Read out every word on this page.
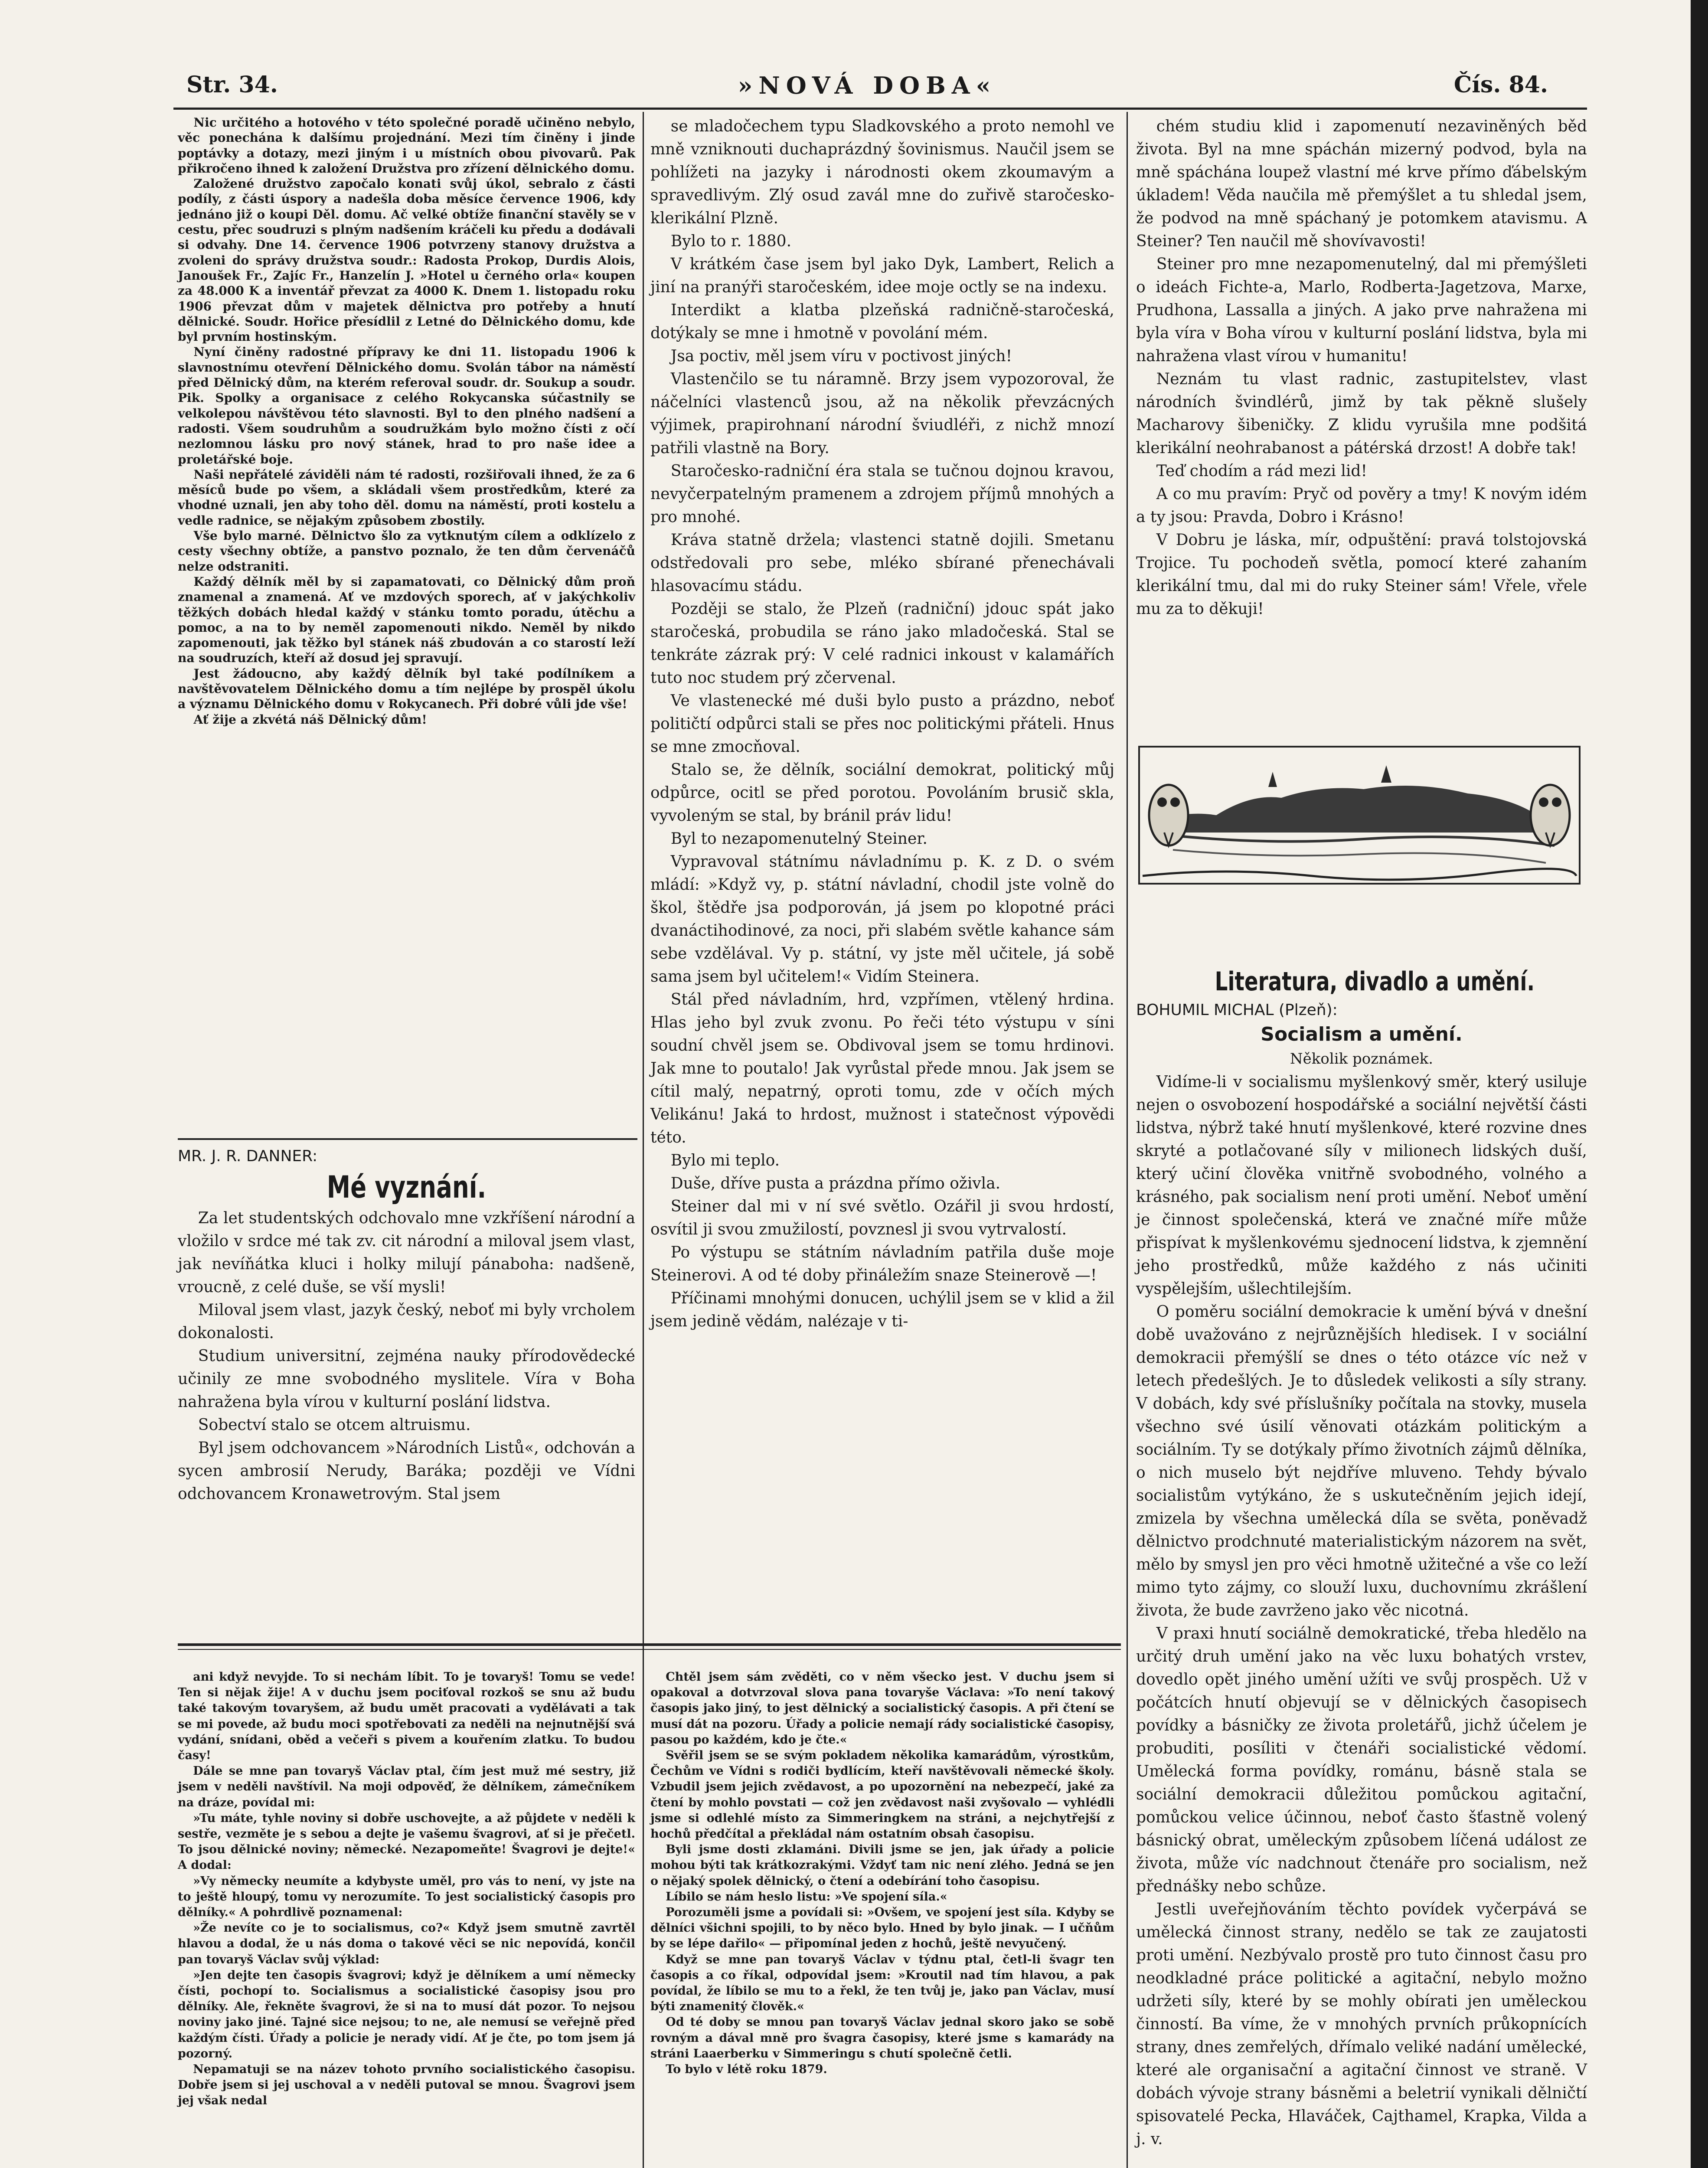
Str. 34.	»NOVÁ DOBA«	Čís. 84.

Nic určitého a hotového v této společné poradě učiněno nebylo, věc ponechána k dalšímu projednání. Mezi tím činěny i jinde poptávky a dotazy, mezi jiným i u místních obou pivovarů. Pak přikročeno ihned k založení Družstva pro zřízení dělnického domu.

Založené družstvo započalo konati svůj úkol, sebralo z části podíly, z části úspory a nadešla doba měsíce července 1906, kdy jednáno již o koupi Děl. domu. Ač velké obtíže finanční stavěly se v cestu, přec soudruzi s plným nadšením kráčeli ku předu a dodávali si odvahy. Dne 14. července 1906 potvrzeny stanovy družstva a zvoleni do správy družstva soudr.: Radosta Prokop, Durdis Alois, Janoušek Fr., Zajíc Fr., Hanzelín J. »Hotel u černého orla« koupen za 48.000 K a inventář převzat za 4000 K. Dnem 1. listopadu roku 1906 převzat dům v majetek dělnictva pro potřeby a hnutí dělnické. Soudr. Hořice přesídlil z Letné do Dělnického domu, kde byl prvním hostinským.

Nyní činěny radostné přípravy ke dni 11. listopadu 1906 k slavnostnímu otevření Dělnického domu. Svolán tábor na náměstí před Dělnický dům, na kterém referoval soudr. dr. Soukup a soudr. Pik. Spolky a organisace z celého Rokycanska súčastnily se velkolepou návštěvou této slavnosti. Byl to den plného nadšení a radosti. Všem soudruhům a soudružkám bylo možno čísti z očí nezlomnou lásku pro nový stánek, hrad to pro naše idee a proletářské boje.

Naši nepřátelé záviděli nám té radosti, rozšiřovali ihned, že za 6 měsíců bude po všem, a skládali všem prostředkům, které za vhodné uznali, jen aby toho děl. domu na náměstí, proti kostelu a vedle radnice, se nějakým způsobem zbostily.

Vše bylo marné. Dělnictvo šlo za vytknutým cílem a odklízelo z cesty všechny obtíže, a panstvo poznalo, že ten dům červenáčů nelze odstraniti.

Každý dělník měl by si zapamatovati, co Dělnický dům proň znamenal a znamená. Ať ve mzdových sporech, ať v jakýchkoliv těžkých dobách hledal každý v stánku tomto poradu, útěchu a pomoc, a na to by neměl zapomenouti nikdo. Neměl by nikdo zapomenouti, jak těžko byl stánek náš zbudován a co starostí leží na soudruzích, kteří až dosud jej spravují.

Jest žádoucno, aby každý dělník byl také podílníkem a navštěvovatelem Dělnického domu a tím nejlépe by prospěl úkolu a významu Dělnického domu v Rokycanech. Při dobré vůli jde vše!

Ať žije a zkvétá náš Dělnický dům!

MR. J. R. DANNER:

Mé vyznání.

Za let studentských odchovalo mne vzkříšení národní a vložilo v srdce mé tak zv. cit národní a miloval jsem vlast, jak nevíňátka kluci i holky milují pánaboha: nadšeně, vroucně, z celé duše, se vší mysli!

Miloval jsem vlast, jazyk český, neboť mi byly vrcholem dokonalosti.

Studium universitní, zejména nauky přírodovědecké učinily ze mne svobodného myslitele. Víra v Boha nahražena byla vírou v kulturní poslání lidstva.

Sobectví stalo se otcem altruismu.

Byl jsem odchovancem »Národních Listů«, odchován a sycen ambrosií Nerudy, Baráka; později ve Vídni odchovancem Kronawetrovým. Stal jsem

se mladočechem typu Sladkovského a proto nemohl ve mně vzniknouti duchaprázdný šovinismus. Naučil jsem se pohlížeti na jazyky i národnosti okem zkoumavým a spravedlivým. Zlý osud zavál mne do zuřivě staročesko-klerikální Plzně.

Bylo to r. 1880.

V krátkém čase jsem byl jako Dyk, Lambert, Relich a jiní na pranýři staročeském, idee moje octly se na indexu.

Interdikt a klatba plzeňská radničně-staročeská, dotýkaly se mne i hmotně v povolání mém.

Jsa poctiv, měl jsem víru v poctivost jiných!

Vlastenčilo se tu náramně. Brzy jsem vypozoroval, že náčelníci vlastenců jsou, až na několik převzácných výjimek, prapirohnaní národní šviudléři, z nichž mnozí patřili vlastně na Bory.

Staročesko-radniční éra stala se tučnou dojnou kravou, nevyčerpatelným pramenem a zdrojem příjmů mnohých a pro mnohé.

Kráva statně držela; vlastenci statně dojili. Smetanu odstředovali pro sebe, mléko sbírané přenechávali hlasovacímu stádu.

Později se stalo, že Plzeň (radniční) jdouc spát jako staročeská, probudila se ráno jako mladočeská. Stal se tenkráte zázrak prý: V celé radnici inkoust v kalamářích tuto noc studem prý zčervenal.

Ve vlastenecké mé duši bylo pusto a prázdno, neboť političtí odpůrci stali se přes noc politickými přáteli. Hnus se mne zmocňoval.

Stalo se, že dělník, sociální demokrat, politický můj odpůrce, ocitl se před porotou. Povoláním brusič skla, vyvoleným se stal, by bránil práv lidu!

Byl to nezapomenutelný Steiner.

Vypravoval státnímu návladnímu p. K. z D. o svém mládí: »Když vy, p. státní návladní, chodil jste volně do škol, štědře jsa podporován, já jsem po klopotné práci dvanáctihodinové, za noci, při slabém světle kahance sám sebe vzdělával. Vy p. státní, vy jste měl učitele, já sobě sama jsem byl učitelem!« Vidím Steinera.

Stál před návladním, hrd, vzpřímen, vtělený hrdina. Hlas jeho byl zvuk zvonu. Po řeči této výstupu v síni soudní chvěl jsem se. Obdivoval jsem se tomu hrdinovi. Jak mne to poutalo! Jak vyrůstal přede mnou. Jak jsem se cítil malý, nepatrný, oproti tomu, zde v očích mých Velikánu! Jaká to hrdost, mužnost i statečnost výpovědi této.

Bylo mi teplo.

Duše, dříve pusta a prázdna přímo oživla.

Steiner dal mi v ní své světlo. Ozářil ji svou hrdostí, osvítil ji svou zmužilostí, povznesl ji svou vytrvalostí.

Po výstupu se státním návladním patřila duše moje Steinerovi. A od té doby přináležím snaze Steinerově —!

Příčinami mnohými donucen, uchýlil jsem se v klid a žil jsem jedině vědám, nalézaje v ti-

chém studiu klid i zapomenutí nezaviněných běd života. Byl na mne spáchán mizerný podvod, byla na mně spáchána loupež vlastní mé krve přímo ďábelským úkladem! Věda naučila mě přemýšlet a tu shledal jsem, že podvod na mně spáchaný je potomkem atavismu. A Steiner? Ten naučil mě shovívavosti!

Steiner pro mne nezapomenutelný, dal mi přemýšleti o ideách Fichte-a, Marlo, Rodberta-Jagetzova, Marxe, Prudhona, Lassalla a jiných. A jako prve nahražena mi byla víra v Boha vírou v kulturní poslání lidstva, byla mi nahražena vlast vírou v humanitu!

Neznám tu vlast radnic, zastupitelstev, vlast národních švindlérů, jimž by tak pěkně slušely Macharovy šibeničky. Z klidu vyrušila mne podšitá klerikální neohrabanost a pátérská drzost! A dobře tak!

Teď chodím a rád mezi lid!

A co mu pravím: Pryč od pověry a tmy! K novým idém a ty jsou: Pravda, Dobro i Krásno!

V Dobru je láska, mír, odpuštění: pravá tolstojovská Trojice. Tu pochodeň světla, pomocí které zahaním klerikální tmu, dal mi do ruky Steiner sám! Vřele, vřele mu za to děkuji!

Literatura, divadlo a umění.

BOHUMIL MICHAL (Plzeň):

Socialism a umění.

Několik poznámek.

Vidíme-li v socialismu myšlenkový směr, který usiluje nejen o osvobození hospodářské a sociální největší části lidstva, nýbrž také hnutí myšlenkové, které rozvine dnes skryté a potlačované síly v milionech lidských duší, který učiní člověka vnitřně svobodného, volného a krásného, pak socialism není proti umění. Neboť umění je činnost společenská, která ve značné míře může přispívat k myšlenkovému sjednocení lidstva, k zjemnění jeho prostředků, může každého z nás učiniti vyspělejším, ušlechtilejším.

O poměru sociální demokracie k umění bývá v dnešní době uvažováno z nejrůznějších hledisek. I v sociální demokracii přemýšlí se dnes o této otázce víc než v letech předešlých. Je to důsledek velikosti a síly strany. V dobách, kdy své příslušníky počítala na stovky, musela všechno své úsilí věnovati otázkám politickým a sociálním. Ty se dotýkaly přímo životních zájmů dělníka, o nich muselo být nejdříve mluveno. Tehdy bývalo socialistům vytýkáno, že s uskutečněním jejich idejí, zmizela by všechna umělecká díla se světa, poněvadž dělnictvo prodchnuté materialistickým názorem na svět, mělo by smysl jen pro věci hmotně užitečné a vše co leží mimo tyto zájmy, co slouží luxu, duchovnímu zkrášlení života, že bude zavrženo jako věc nicotná.

V praxi hnutí sociálně demokratické, třeba hledělo na určitý druh umění jako na věc luxu bohatých vrstev, dovedlo opět jiného umění užíti ve svůj prospěch. Už v počátcích hnutí objevují se v dělnických časopisech povídky a básničky ze života proletářů, jichž účelem je probuditi, posíliti v čtenáři socialistické vědomí. Umělecká forma povídky, románu, básně stala se sociální demokracii důležitou pomůckou agitační, pomůckou velice účinnou, neboť často šťastně volený básnický obrat, uměleckým způsobem líčená událost ze života, může víc nadchnout čtenáře pro socialism, než přednášky nebo schůze.

Jestli uveřejňováním těchto povídek vyčerpává se umělecká činnost strany, nedělo se tak ze zaujatosti proti umění. Nezbývalo prostě pro tuto činnost času pro neodkladné práce politické a agitační, nebylo možno udržeti síly, které by se mohly obírati jen uměleckou činností. Ba víme, že v mnohých prvních průkopnících strany, dnes zemřelých, dřímalo veliké nadání umělecké, které ale organisační a agitační činnost ve straně. V dobách vývoje strany básněmi a beletrií vynikali dělničtí spisovatelé Pecka, Hlaváček, Cajthamel, Krapka, Vilda a j. v.

ani když nevyjde. To si nechám líbit. To je tovaryš! Tomu se vede! Ten si nějak žije! A v duchu jsem pociťoval rozkoš se snu až budu také takovým tovaryšem, až budu umět pracovati a vydělávati a tak se mi povede, až budu moci spotřebovati za neděli na nejnutnější svá vydání, snídani, oběd a večeři s pivem a kouřením zlatku. To budou časy!

Dále se mne pan tovaryš Václav ptal, čím jest muž mé sestry, již jsem v neděli navštívil. Na moji odpověď, že dělníkem, zámečníkem na dráze, povídal mi:

»Tu máte, tyhle noviny si dobře uschovejte, a až půjdete v neděli k sestře, vezměte je s sebou a dejte je vašemu švagrovi, ať si je přečetl. To jsou dělnické noviny; německé. Nezapomeňte! Švagrovi je dejte!« A dodal:

»Vy německy neumíte a kdybyste uměl, pro vás to není, vy jste na to ještě hloupý, tomu vy nerozumíte. To jest socialistický časopis pro dělníky.« A pohrdlivě poznamenal:

»Že nevíte co je to socialismus, co?« Když jsem smutně zavrtěl hlavou a dodal, že u nás doma o takové věci se nic nepovídá, končil pan tovaryš Václav svůj výklad:

»Jen dejte ten časopis švagrovi; když je dělníkem a umí německy čísti, pochopí to. Socialismus a socialistické časopisy jsou pro dělníky. Ale, řekněte švagrovi, že si na to musí dát pozor. To nejsou noviny jako jiné. Tajné sice nejsou; to ne, ale nemusí se veřejně před každým čísti. Úřady a policie je nerady vidí. Ať je čte, po tom jsem já pozorný.

Nepamatuji se na název tohoto prvního socialistického časopisu. Dobře jsem si jej uschoval a v neděli putoval se mnou. Švagrovi jsem jej však nedal

Chtěl jsem sám zvěděti, co v něm všecko jest. V duchu jsem si opakoval a dotvrzoval slova pana tovaryše Václava: »To není takový časopis jako jiný, to jest dělnický a socialistický časopis. A při čtení se musí dát na pozoru. Úřady a policie nemají rády socialistické časopisy, pasou po každém, kdo je čte.«

Svěřil jsem se se svým pokladem několika kamarádům, výrostkům, Čechům ve Vídni s rodiči bydlícím, kteří navštěvovali německé školy. Vzbudil jsem jejich zvědavost, a po upozornění na nebezpečí, jaké za čtení by mohlo povstati — což jen zvědavost naši zvyšovalo — vyhlédli jsme si odlehlé místo za Simmeringkem na stráni, a nejchytřejší z hochů předčítal a překládal nám ostatním obsah časopisu.

Byli jsme dosti zklamáni. Divili jsme se jen, jak úřady a policie mohou býti tak krátkozrakými. Vždyť tam nic není zlého. Jedná se jen o nějaký spolek dělnický, o čtení a odebírání toho časopisu.

Líbilo se nám heslo listu: »Ve spojení síla.«

Porozuměli jsme a povídali si: »Ovšem, ve spojení jest síla. Kdyby se dělníci všichni spojili, to by něco bylo. Hned by bylo jinak. — I učňům by se lépe dařilo« — připomínal jeden z hochů, ještě nevyučený.

Když se mne pan tovaryš Václav v týdnu ptal, četl-li švagr ten časopis a co říkal, odpovídal jsem: »Kroutil nad tím hlavou, a pak povídal, že líbilo se mu to a řekl, že ten tvůj je, jako pan Václav, musí býti znamenitý člověk.«

Od té doby se mnou pan tovaryš Václav jednal skoro jako se sobě rovným a dával mně pro švagra časopisy, které jsme s kamarády na stráni Laaerberku v Simmeringu s chutí společně četli.

To bylo v létě roku 1879.
